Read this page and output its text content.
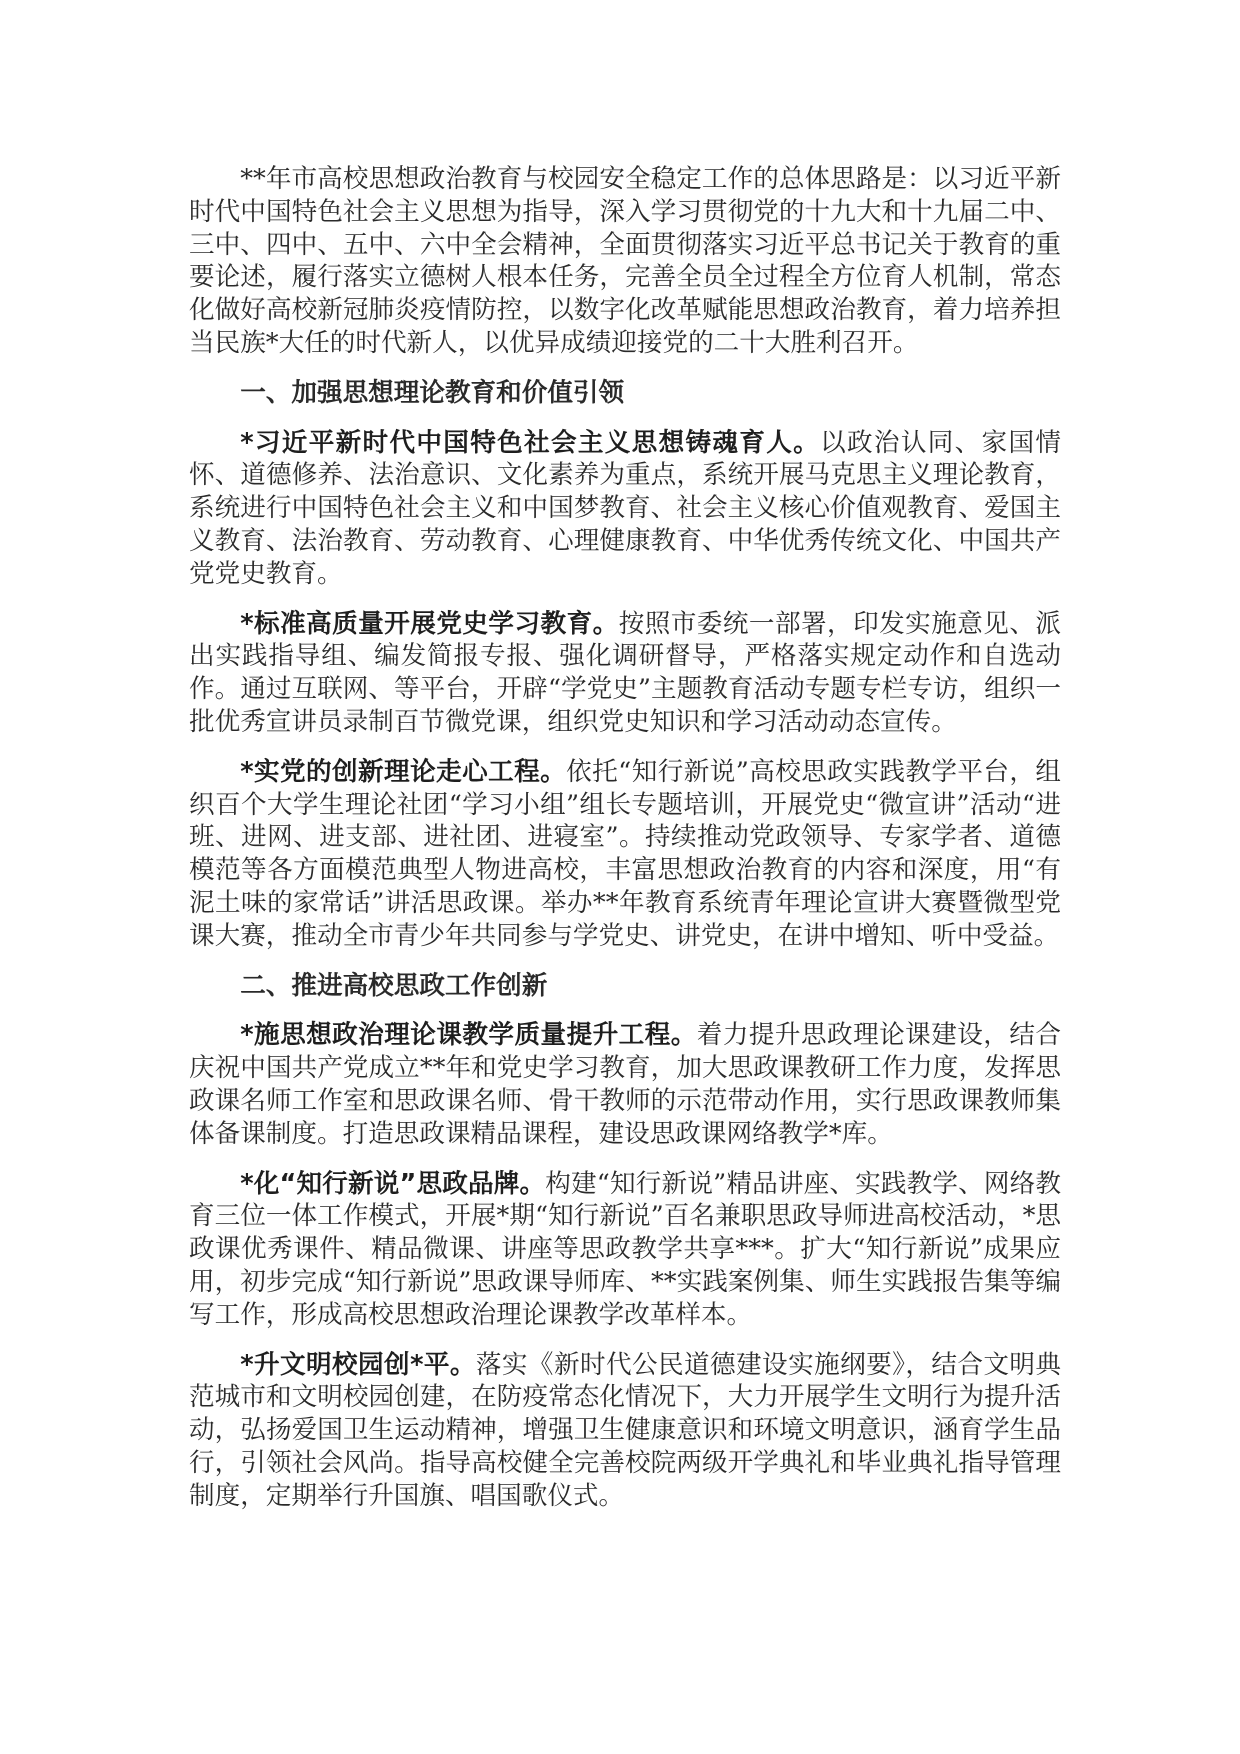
**年市高校思想政治教育与校园安全稳定工作的总体思路是：以习近平新时代中国特色社会主义思想为指导，深入学习贯彻党的十九大和十九届二中、三中、四中、五中、六中全会精神，全面贯彻落实习近平总书记关于教育的重要论述，履行落实立德树人根本任务，完善全员全过程全方位育人机制，常态化做好高校新冠肺炎疫情防控，以数字化改革赋能思想政治教育，着力培养担当民族*大任的时代新人，以优异成绩迎接党的二十大胜利召开。

一、加强思想理论教育和价值引领

*习近平新时代中国特色社会主义思想铸魂育人。以政治认同、家国情怀、道德修养、法治意识、文化素养为重点，系统开展马克思主义理论教育，系统进行中国特色社会主义和中国梦教育、社会主义核心价值观教育、爱国主义教育、法治教育、劳动教育、心理健康教育、中华优秀传统文化、中国共产党党史教育。

*标准高质量开展党史学习教育。按照市委统一部署，印发实施意见、派出实践指导组、编发简报专报、强化调研督导，严格落实规定动作和自选动作。通过互联网、等平台，开辟“学党史”主题教育活动专题专栏专访，组织一批优秀宣讲员录制百节微党课，组织党史知识和学习活动动态宣传。

*实党的创新理论走心工程。依托“知行新说”高校思政实践教学平台，组织百个大学生理论社团“学习小组”组长专题培训，开展党史“微宣讲”活动“进班、进网、进支部、进社团、进寝室”。持续推动党政领导、专家学者、道德模范等各方面模范典型人物进高校，丰富思想政治教育的内容和深度，用“有泥土味的家常话”讲活思政课。举办**年教育系统青年理论宣讲大赛暨微型党课大赛，推动全市青少年共同参与学党史、讲党史，在讲中增知、听中受益。

二、推进高校思政工作创新

*施思想政治理论课教学质量提升工程。着力提升思政理论课建设，结合庆祝中国共产党成立**年和党史学习教育，加大思政课教研工作力度，发挥思政课名师工作室和思政课名师、骨干教师的示范带动作用，实行思政课教师集体备课制度。打造思政课精品课程，建设思政课网络教学*库。

*化“知行新说”思政品牌。构建“知行新说”精品讲座、实践教学、网络教育三位一体工作模式，开展*期“知行新说”百名兼职思政导师进高校活动，*思政课优秀课件、精品微课、讲座等思政教学共享***。扩大“知行新说”成果应用，初步完成“知行新说”思政课导师库、**实践案例集、师生实践报告集等编写工作，形成高校思想政治理论课教学改革样本。

*升文明校园创*平。落实《新时代公民道德建设实施纲要》，结合文明典范城市和文明校园创建，在防疫常态化情况下，大力开展学生文明行为提升活动，弘扬爱国卫生运动精神，增强卫生健康意识和环境文明意识，涵育学生品行，引领社会风尚。指导高校健全完善校院两级开学典礼和毕业典礼指导管理制度，定期举行升国旗、唱国歌仪式。
